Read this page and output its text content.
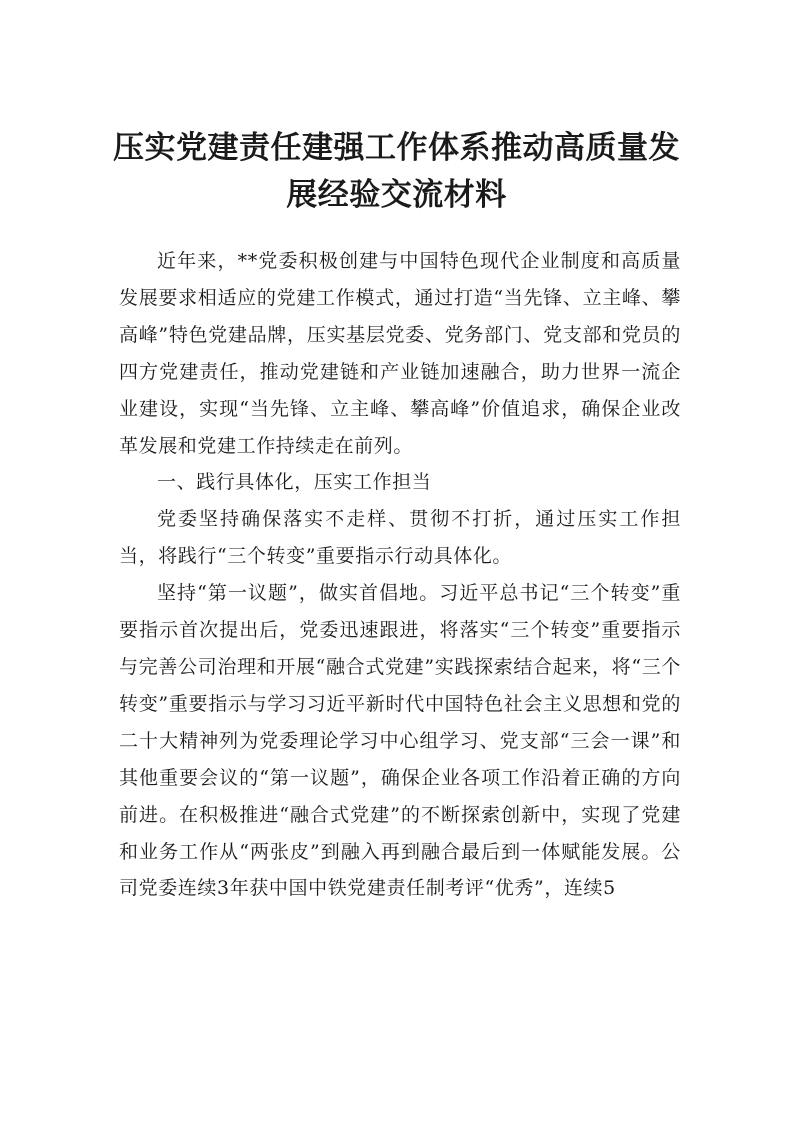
压实党建责任建强工作体系推动高质量发
展经验交流材料

近年来，**党委积极创建与中国特色现代企业制度和高质量发展要求相适应的党建工作模式，通过打造“当先锋、立主峰、攀高峰”特色党建品牌，压实基层党委、党务部门、党支部和党员的四方党建责任，推动党建链和产业链加速融合，助力世界一流企业建设，实现“当先锋、立主峰、攀高峰”价值追求，确保企业改革发展和党建工作持续走在前列。

一、践行具体化，压实工作担当

党委坚持确保落实不走样、贯彻不打折，通过压实工作担当，将践行“三个转变”重要指示行动具体化。

坚持“第一议题”，做实首倡地。习近平总书记“三个转变”重要指示首次提出后，党委迅速跟进，将落实“三个转变”重要指示与完善公司治理和开展“融合式党建”实践探索结合起来，将“三个转变”重要指示与学习习近平新时代中国特色社会主义思想和党的二十大精神列为党委理论学习中心组学习、党支部“三会一课”和其他重要会议的“第一议题”，确保企业各项工作沿着正确的方向前进。在积极推进“融合式党建”的不断探索创新中，实现了党建和业务工作从“两张皮”到融入再到融合最后到一体赋能发展。公司党委连续3年获中国中铁党建责任制考评“优秀”，连续5
